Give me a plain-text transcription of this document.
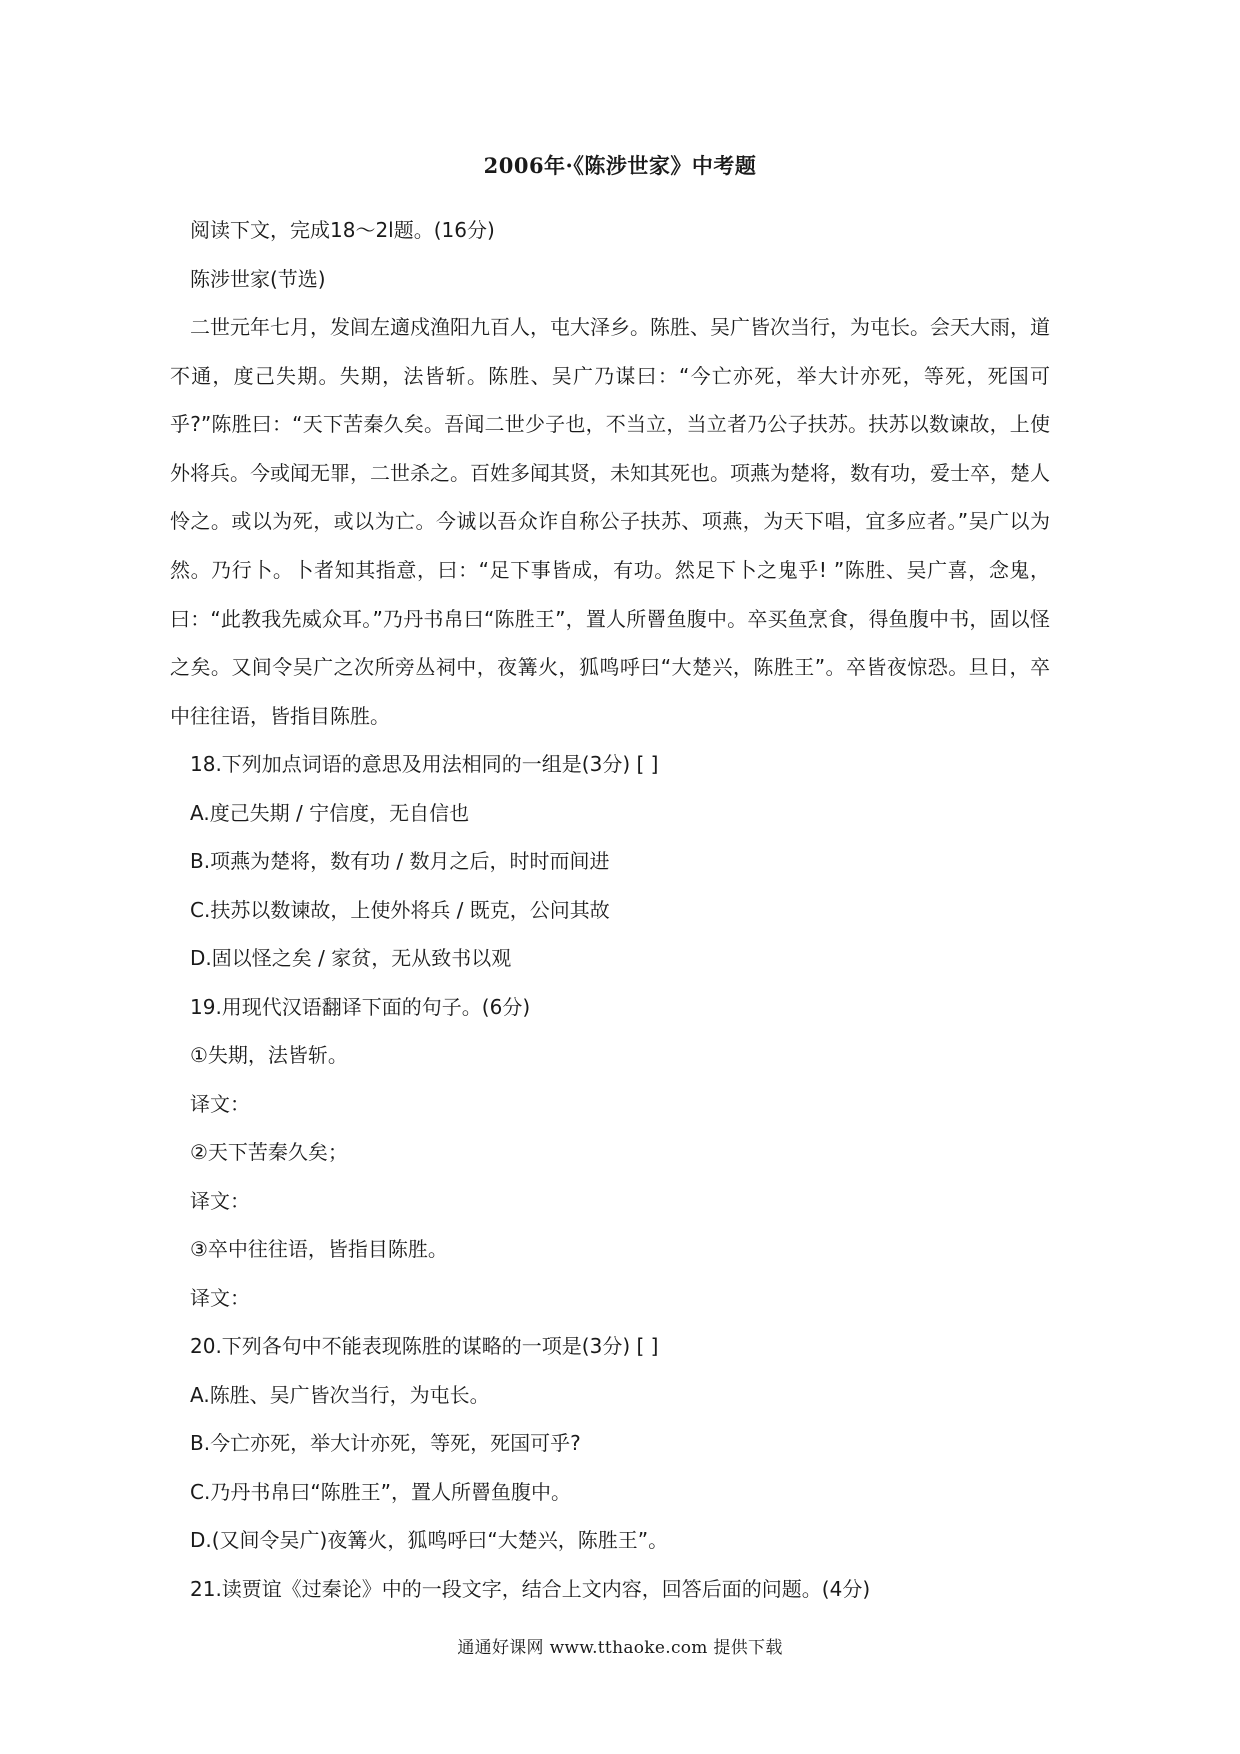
2006年·《陈涉世家》中考题
阅读下文，完成18～2l题。(16分)
陈涉世家(节选)
二世元年七月，发闾左適戍渔阳九百人，屯大泽乡。陈胜、吴广皆次当行，为屯长。会天大雨，道不通，度己失期。失期，法皆斩。陈胜、吴广乃谋曰：“今亡亦死，举大计亦死，等死，死国可乎?”陈胜曰：“天下苦秦久矣。吾闻二世少子也，不当立，当立者乃公子扶苏。扶苏以数谏故，上使外将兵。今或闻无罪，二世杀之。百姓多闻其贤，未知其死也。项燕为楚将，数有功，爱士卒，楚人怜之。或以为死，或以为亡。今诚以吾众诈自称公子扶苏、项燕，为天下唱，宜多应者。”吴广以为然。乃行卜。卜者知其指意，曰：“足下事皆成，有功。然足下卜之鬼乎! ”陈胜、吴广喜，念鬼，曰：“此教我先威众耳。”乃丹书帛曰“陈胜王”，置人所罾鱼腹中。卒买鱼烹食，得鱼腹中书，固以怪之矣。又间令吴广之次所旁丛祠中，夜篝火，狐鸣呼曰“大楚兴，陈胜王”。卒皆夜惊恐。旦日，卒中往往语，皆指目陈胜。
18.下列加点词语的意思及用法相同的一组是(3分) [ ]
A.度己失期 / 宁信度，无自信也
B.项燕为楚将，数有功 / 数月之后，时时而间进
C.扶苏以数谏故，上使外将兵 / 既克，公问其故
D.固以怪之矣 / 家贫，无从致书以观
19.用现代汉语翻译下面的句子。(6分)
①失期，法皆斩。
译文：
②天下苦秦久矣；
译文：
③卒中往往语，皆指目陈胜。
译文：
20.下列各句中不能表现陈胜的谋略的一项是(3分) [ ]
A.陈胜、吴广皆次当行，为屯长。
B.今亡亦死，举大计亦死，等死，死国可乎?
C.乃丹书帛曰“陈胜王”，置人所罾鱼腹中。
D.(又间令吴广)夜篝火，狐鸣呼曰“大楚兴，陈胜王”。
21.读贾谊《过秦论》中的一段文字，结合上文内容，回答后面的问题。(4分)
通通好课网 www.tthaoke.com 提供下载
